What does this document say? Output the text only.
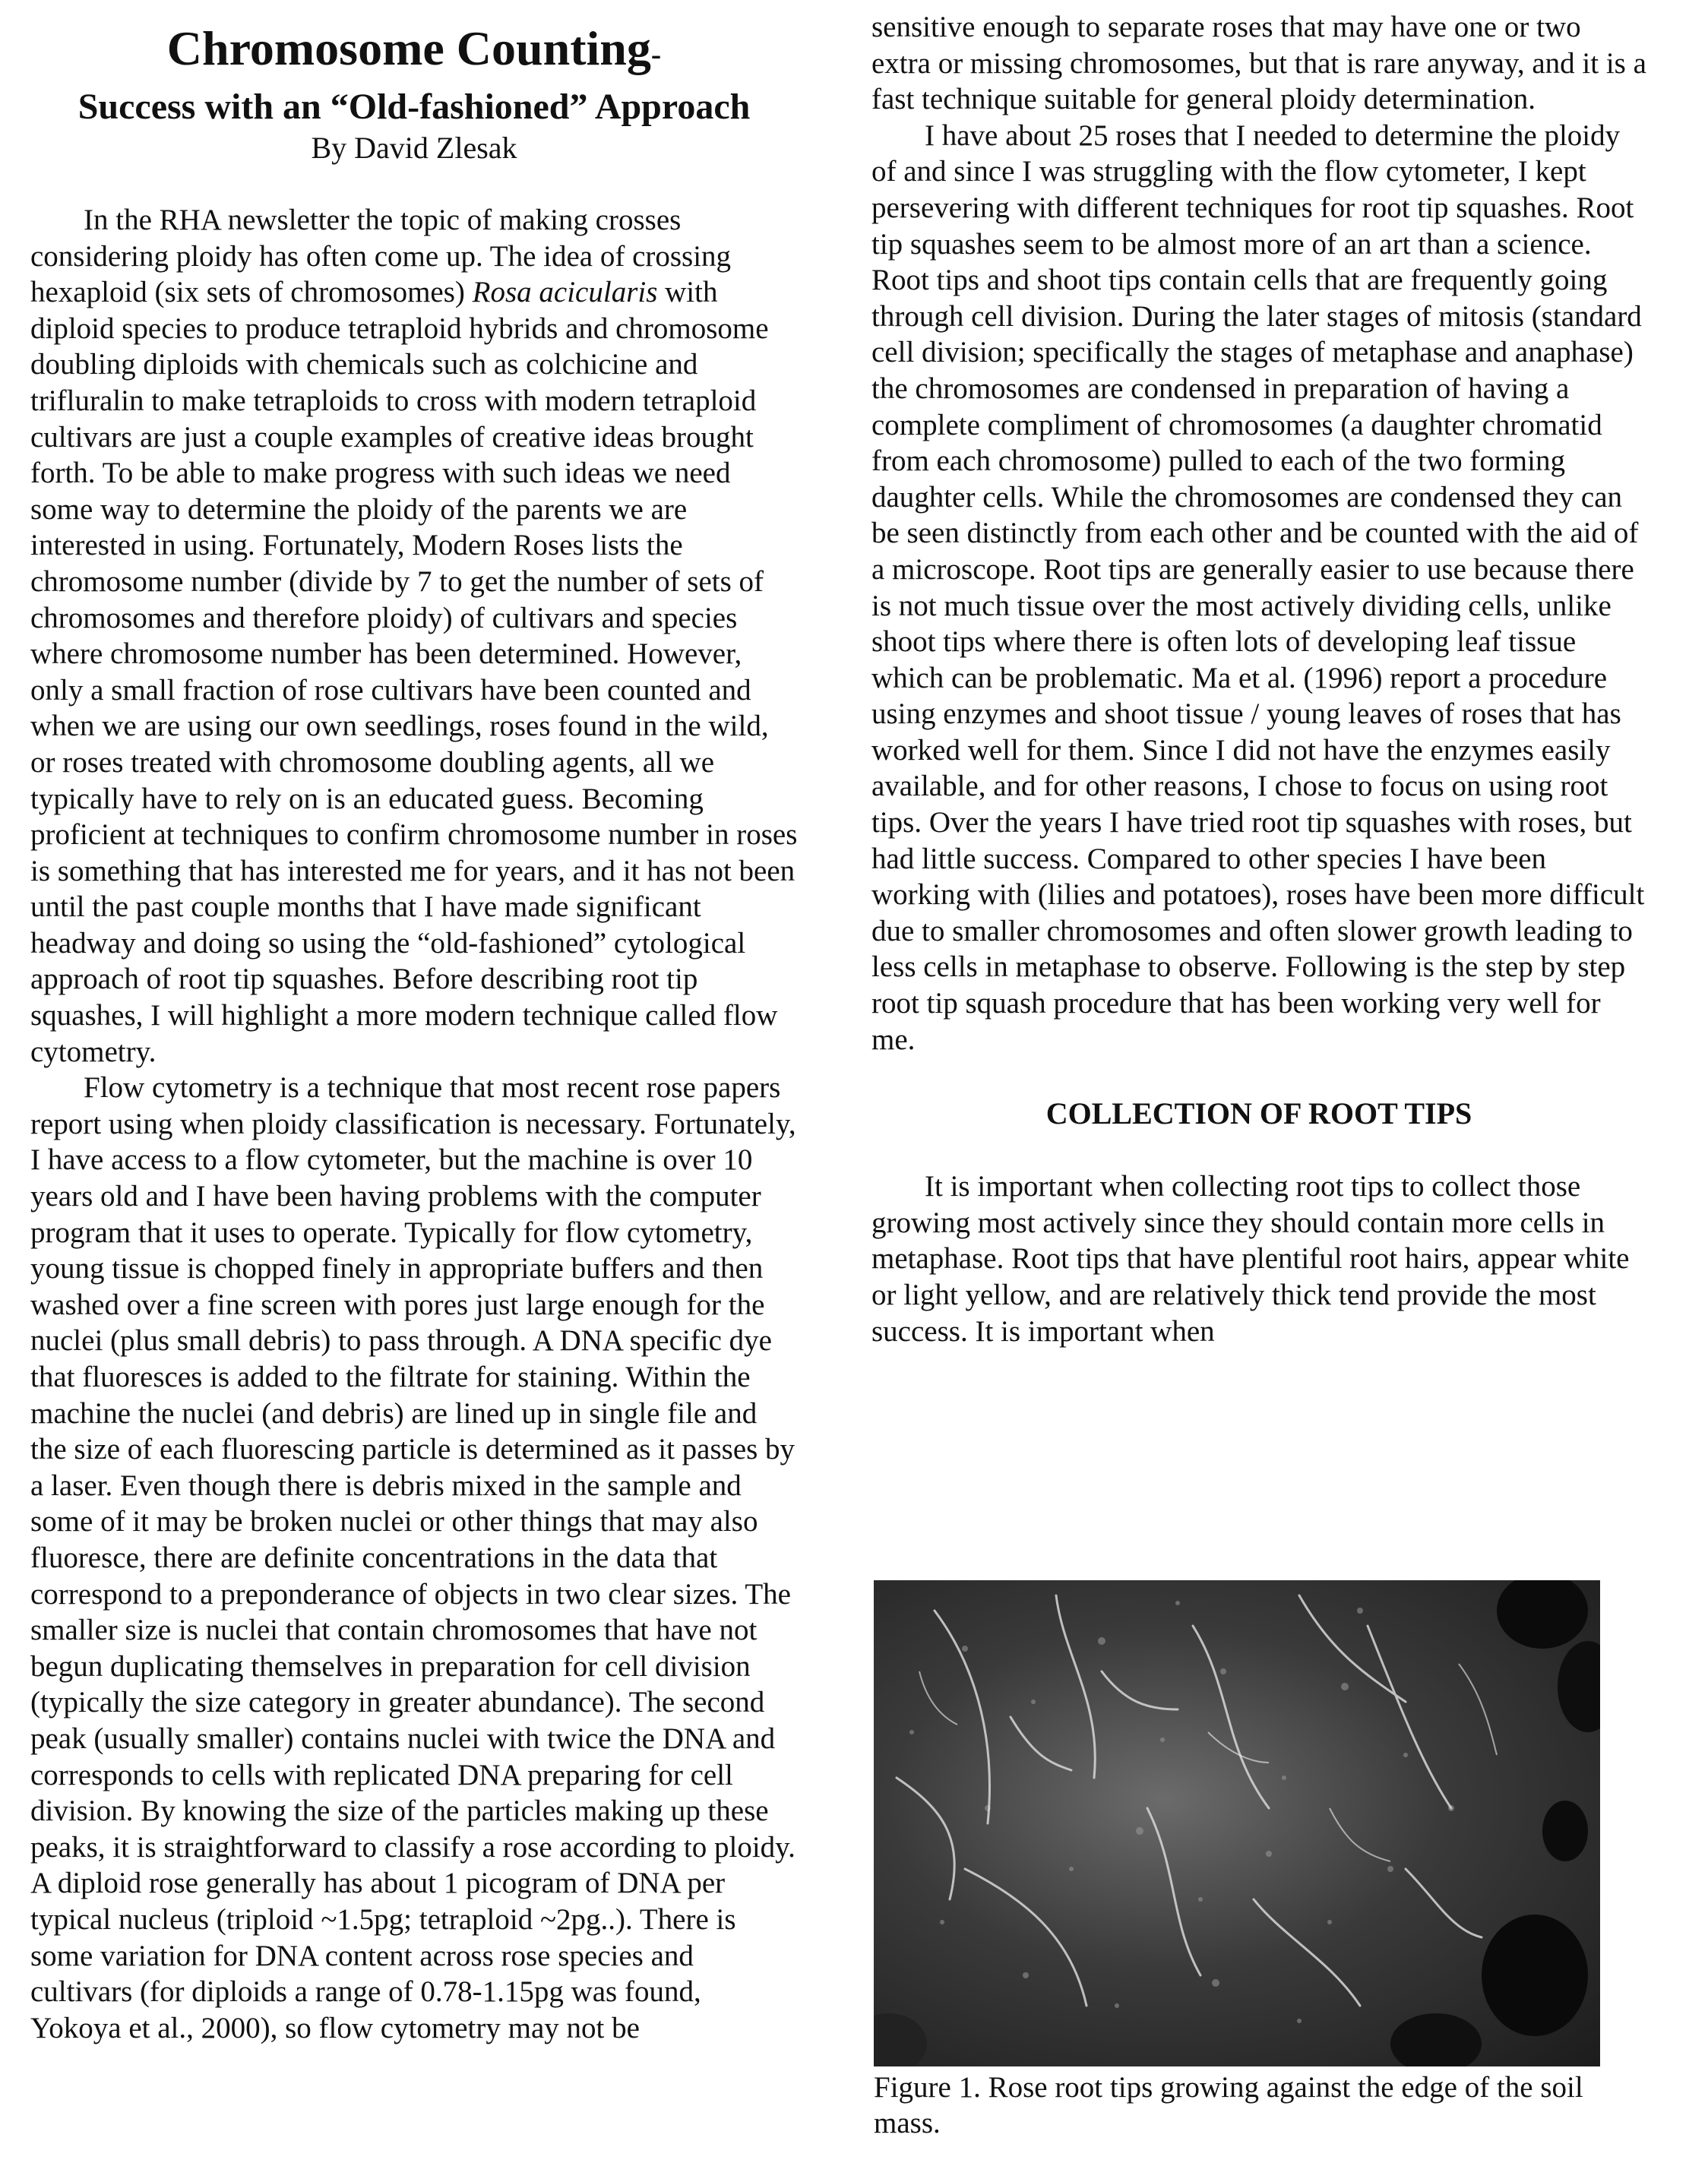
Chromosome Counting-
Success with an “Old-fashioned” Approach
By David Zlesak

In the RHA newsletter the topic of making crosses considering ploidy has often come up. The idea of crossing hexaploid (six sets of chromosomes) Rosa acicularis with diploid species to produce tetraploid hybrids and chromosome doubling diploids with chemicals such as colchicine and trifluralin to make tetraploids to cross with modern tetraploid cultivars are just a couple examples of creative ideas brought forth. To be able to make progress with such ideas we need some way to determine the ploidy of the parents we are interested in using. Fortunately, Modern Roses lists the chromosome number (divide by 7 to get the number of sets of chromosomes and therefore ploidy) of cultivars and species where chromosome number has been determined. However, only a small fraction of rose cultivars have been counted and when we are using our own seedlings, roses found in the wild, or roses treated with chromosome doubling agents, all we typically have to rely on is an educated guess. Becoming proficient at techniques to confirm chromosome number in roses is something that has interested me for years, and it has not been until the past couple months that I have made significant headway and doing so using the “old-fashioned” cytological approach of root tip squashes. Before describing root tip squashes, I will highlight a more modern technique called flow cytometry.

Flow cytometry is a technique that most recent rose papers report using when ploidy classification is necessary. Fortunately, I have access to a flow cytometer, but the machine is over 10 years old and I have been having problems with the computer program that it uses to operate. Typically for flow cytometry, young tissue is chopped finely in appropriate buffers and then washed over a fine screen with pores just large enough for the nuclei (plus small debris) to pass through. A DNA specific dye that fluoresces is added to the filtrate for staining. Within the machine the nuclei (and debris) are lined up in single file and the size of each fluorescing particle is determined as it passes by a laser. Even though there is debris mixed in the sample and some of it may be broken nuclei or other things that may also fluoresce, there are definite concentrations in the data that correspond to a preponderance of objects in two clear sizes. The smaller size is nuclei that contain chromosomes that have not begun duplicating themselves in preparation for cell division (typically the size category in greater abundance). The second peak (usually smaller) contains nuclei with twice the DNA and corresponds to cells with replicated DNA preparing for cell division. By knowing the size of the particles making up these peaks, it is straightforward to classify a rose according to ploidy. A diploid rose generally has about 1 picogram of DNA per typical nucleus (triploid ~1.5pg; tetraploid ~2pg..). There is some variation for DNA content across rose species and cultivars (for diploids a range of 0.78-1.15pg was found, Yokoya et al., 2000), so flow cytometry may not be

sensitive enough to separate roses that may have one or two extra or missing chromosomes, but that is rare anyway, and it is a fast technique suitable for general ploidy determination.

I have about 25 roses that I needed to determine the ploidy of and since I was struggling with the flow cytometer, I kept persevering with different techniques for root tip squashes. Root tip squashes seem to be almost more of an art than a science. Root tips and shoot tips contain cells that are frequently going through cell division. During the later stages of mitosis (standard cell division; specifically the stages of metaphase and anaphase) the chromosomes are condensed in preparation of having a complete compliment of chromosomes (a daughter chromatid from each chromosome) pulled to each of the two forming daughter cells. While the chromosomes are condensed they can be seen distinctly from each other and be counted with the aid of a microscope. Root tips are generally easier to use because there is not much tissue over the most actively dividing cells, unlike shoot tips where there is often lots of developing leaf tissue which can be problematic. Ma et al. (1996) report a procedure using enzymes and shoot tissue / young leaves of roses that has worked well for them. Since I did not have the enzymes easily available, and for other reasons, I chose to focus on using root tips. Over the years I have tried root tip squashes with roses, but had little success. Compared to other species I have been working with (lilies and potatoes), roses have been more difficult due to smaller chromosomes and often slower growth leading to less cells in metaphase to observe. Following is the step by step root tip squash procedure that has been working very well for me.

COLLECTION OF ROOT TIPS

It is important when collecting root tips to collect those growing most actively since they should contain more cells in metaphase. Root tips that have plentiful root hairs, appear white or light yellow, and are relatively thick tend provide the most success. It is important when

Figure 1. Rose root tips growing against the edge of the soil mass.
